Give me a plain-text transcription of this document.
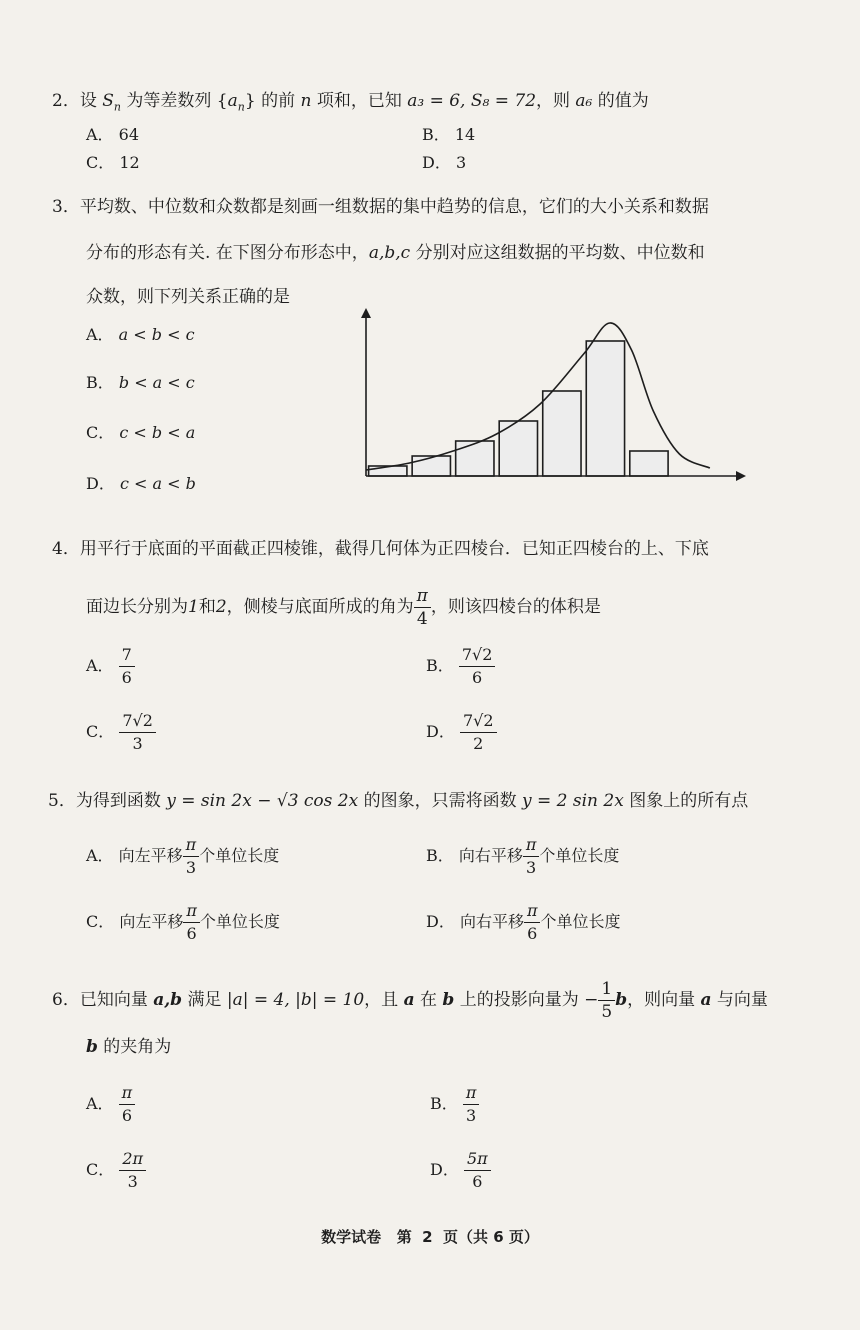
2．设 $S_n$ 为等差数列 $\{a_n\}$ 的前 n 项和，已知 a₃ = 6, S₈ = 72，则 a₆ 的值为
A． 64	B． 14
C． 12	D． 3
3．平均数、中位数和众数都是刻画一组数据的集中趋势的信息，它们的大小关系和数据
分布的形态有关. 在下图分布形态中，a,b,c 分别对应这组数据的平均数、中位数和
众数，则下列关系正确的是
A． a < b < c
B． b < a < c
C． c < b < a
D． c < a < b
4．用平行于底面的平面截正四棱锥，截得几何体为正四棱台．已知正四棱台的上、下底
面边长分别为1和2，侧棱与底面所成的角为 $\frac{\pi}{4}$ ，则该四棱台的体积是
A． $\frac{7}{6}$	B． $\frac{7√2}{6}$
C． $\frac{7√2}{3}$	D． $\frac{7√2}{2}$
5．为得到函数 y = sin 2x − √3 cos 2x 的图象，只需将函数 y = 2 sin 2x 图象上的所有点
A． 向左平移 $\frac{\pi}{3}$ 个单位长度	B． 向右平移 $\frac{\pi}{3}$ 个单位长度
C． 向左平移 $\frac{\pi}{6}$ 个单位长度	D． 向右平移 $\frac{\pi}{6}$ 个单位长度
6．已知向量 a,b 满足 |a| = 4, |b| = 10，且 a 在 b 上的投影向量为 − $\frac{1}{5}$ b，则向量 a 与向量
b 的夹角为
A． $\frac{\pi}{6}$	B． $\frac{\pi}{3}$
C． $\frac{2\pi}{3}$	D． $\frac{5\pi}{6}$
数学试卷   第  2  页（共 6 页）
